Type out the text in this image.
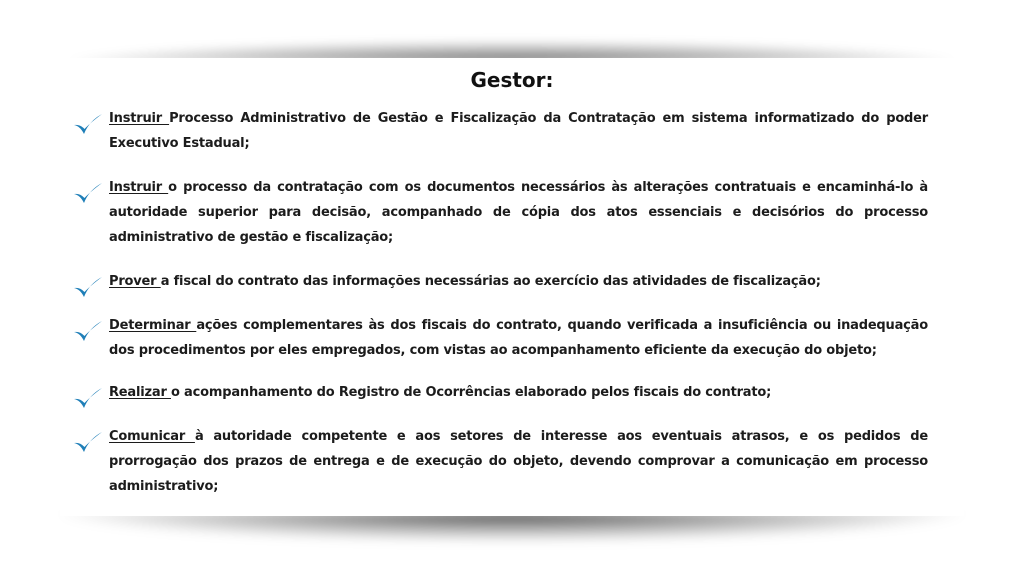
Gestor:
Instruir Processo Administrativo de Gestão e Fiscalização da Contratação em sistema informatizado do poder Executivo Estadual;
Instruir o processo da contratação com os documentos necessários às alterações contratuais e encaminhá-lo à autoridade superior para decisão, acompanhado de cópia dos atos essenciais e decisórios do processo administrativo de gestão e fiscalização;
Prover a fiscal do contrato das informações necessárias ao exercício das atividades de fiscalização;
Determinar ações complementares às dos fiscais do contrato, quando verificada a insuficiência ou inadequação dos procedimentos por eles empregados, com vistas ao acompanhamento eficiente da execução do objeto;
Realizar o acompanhamento do Registro de Ocorrências elaborado pelos fiscais do contrato;
Comunicar à autoridade competente e aos setores de interesse aos eventuais atrasos, e os pedidos de prorrogação dos prazos de entrega e de execução do objeto, devendo comprovar a comunicação em processo administrativo;
